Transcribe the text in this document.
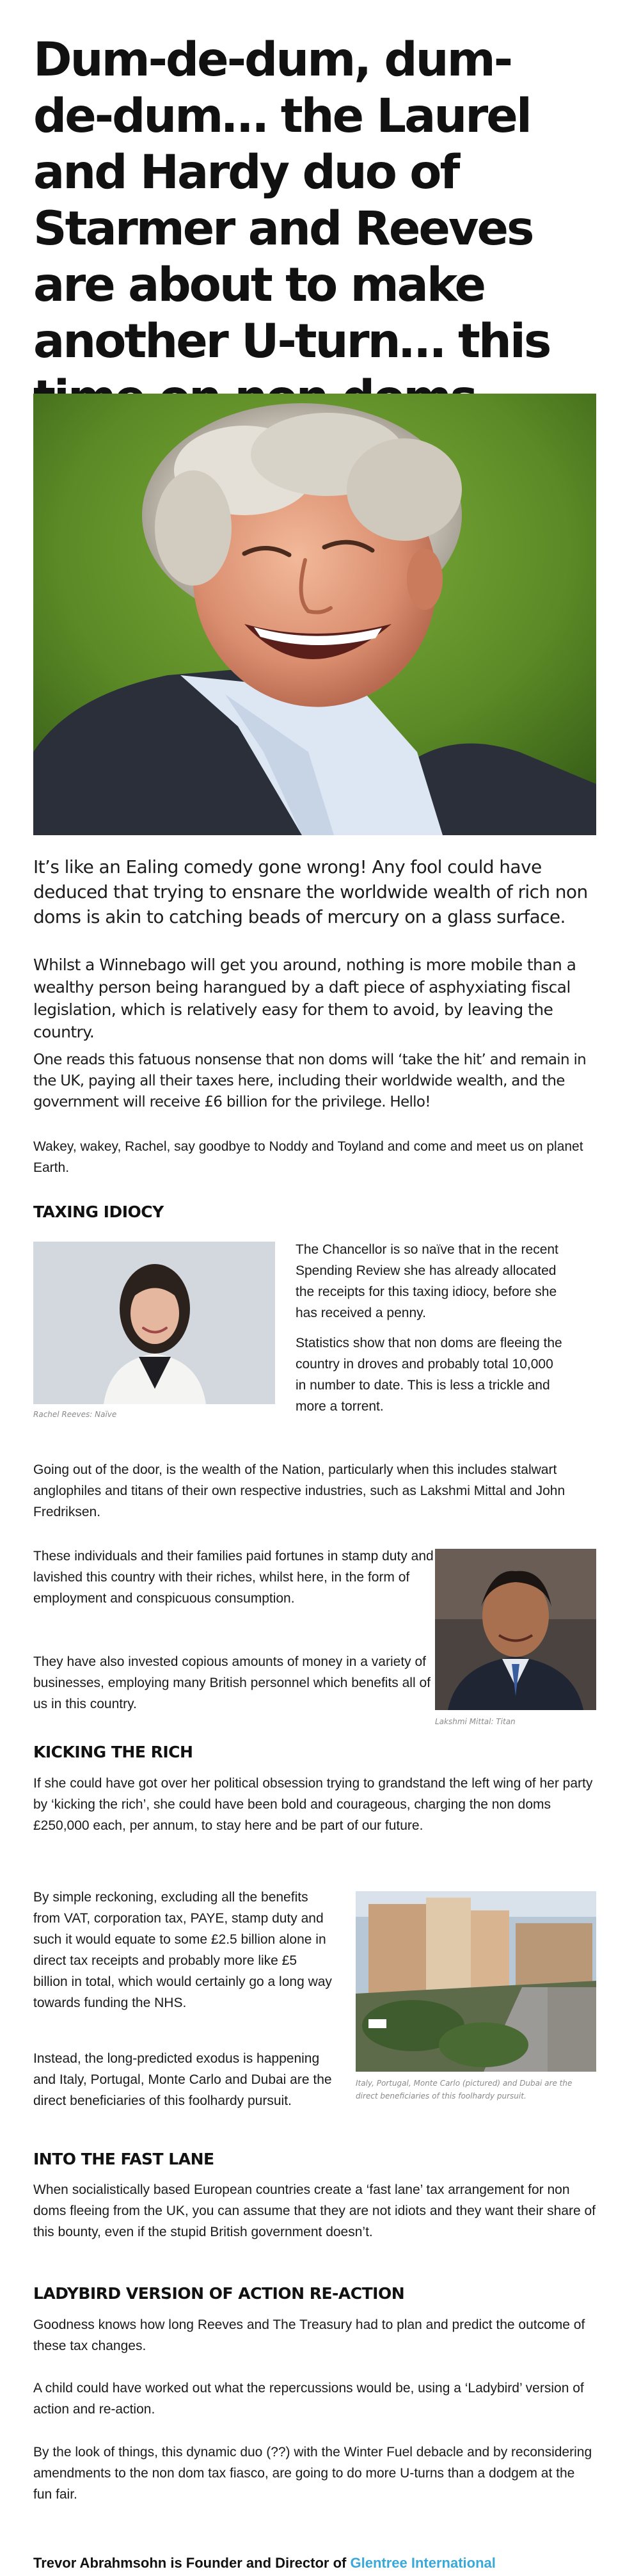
Dum-de-dum, dum-de-dum… the Laurel and Hardy duo of Starmer and Reeves are about to make another U-turn… this

It’s like an Ealing comedy gone wrong! Any fool could have deduced that trying to ensnare the worldwide wealth of rich non doms is akin to catching beads of mercury on a glass surface.

Whilst a Winnebago will get you around, nothing is more mobile than a wealthy person being harangued by a daft piece of asphyxiating fiscal legislation, which is relatively easy for them to avoid, by leaving the country.

One reads this fatuous nonsense that non doms will ‘take the hit’ and remain in the UK, paying all their taxes here, including their worldwide wealth, and the government will receive £6 billion for the privilege. Hello!

Wakey, wakey, Rachel, say goodbye to Noddy and Toyland and come and meet us on planet Earth.

TAXING IDIOCY
Rachel Reeves: Naïve

The Chancellor is so naïve that in the recent Spending Review she has already allocated the receipts for this taxing idiocy, before she has received a penny.

Statistics show that non doms are fleeing the country in droves and probably total 10,000 in number to date. This is less a trickle and more a torrent.

Going out of the door, is the wealth of the Nation, particularly when this includes stalwart anglophiles and titans of their own respective industries, such as Lakshmi Mittal and John Fredriksen.

These individuals and their families paid fortunes in stamp duty and lavished this country with their riches, whilst here, in the form of employment and conspicuous consumption.

They have also invested copious amounts of money in a variety of businesses, employing many British personnel which benefits all of us in this country.

Lakshmi Mittal: Titan
KICKING THE RICH

If she could have got over her political obsession trying to grandstand the left wing of her party by ‘kicking the rich’, she could have been bold and courageous, charging the non doms £250,000 each, per annum, to stay here and be part of our future.

By simple reckoning, excluding all the benefits from VAT, corporation tax, PAYE, stamp duty and such it would equate to some £2.5 billion alone in direct tax receipts and probably more like £5 billion in total, which would certainly go a long way towards funding the NHS.

Instead, the long-predicted exodus is happening and Italy, Portugal, Monte Carlo and Dubai are the direct beneficiaries of this foolhardy pursuit.

Italy, Portugal, Monte Carlo (pictured) and Dubai are the direct beneficiaries of this foolhardy pursuit.
INTO THE FAST LANE

When socialistically based European countries create a ‘fast lane’ tax arrangement for non doms fleeing from the UK, you can assume that they are not idiots and they want their share of this bounty, even if the stupid British government doesn’t.

LADYBIRD VERSION OF ACTION RE-ACTION

Goodness knows how long Reeves and The Treasury had to plan and predict the outcome of these tax changes.

A child could have worked out what the repercussions would be, using a ‘Ladybird’ version of action and re-action.

By the look of things, this dynamic duo (??) with the Winter Fuel debacle and by reconsidering amendments to the non dom tax fiasco, are going to do more U-turns than a dodgem at the fun fair.

Trevor Abrahmsohn is Founder and Director of Glentree International
